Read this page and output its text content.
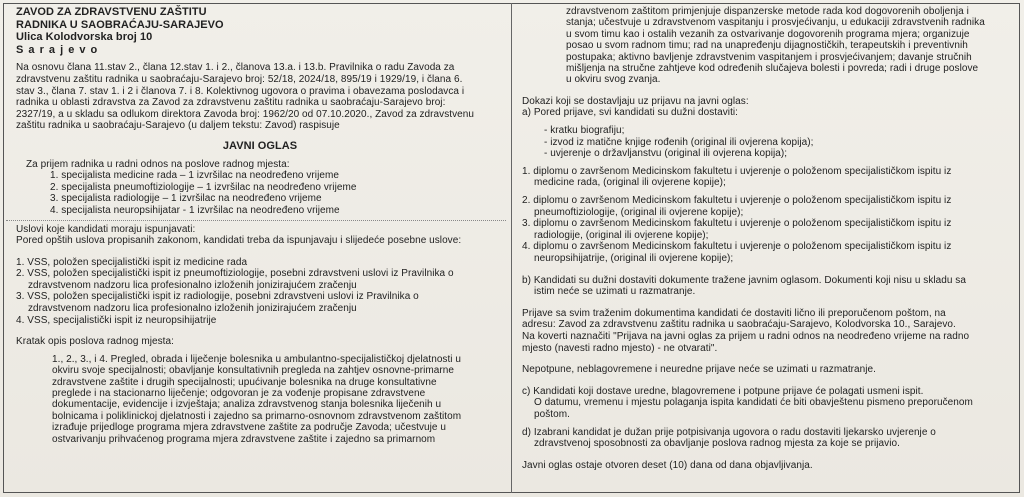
ZAVOD ZA ZDRAVSTVENU ZAŠTITU

RADNIKA U SAOBRAĆAJU-SARAJEVO

Ulica Kolodvorska broj 10

S a r a j e v o

Na osnovu člana 11.stav 2., člana 12.stav 1. i 2., članova 13.a. i 13.b. Pravilnika o radu Zavoda za

zdravstvenu zaštitu radnika u saobraćaju-Sarajevo broj: 52/18, 2024/18, 895/19 i 1929/19, i člana 6.

stav 3., člana 7. stav 1. i 2 i članova 7. i 8. Kolektivnog ugovora o pravima i obavezama poslodavca i

radnika u oblasti zdravstva za Zavod za zdravstvenu zaštitu radnika u saobraćaju-Sarajevo broj:

2327/19, a u skladu sa odlukom direktora Zavoda broj: 1962/20 od 07.10.2020., Zavod za zdravstvenu

zaštitu radnika u saobraćaju-Sarajevo (u daljem tekstu: Zavod) raspisuje

JAVNI OGLAS

Za prijem radnika u radni odnos na poslove radnog mjesta:

1. specijalista medicine rada – 1 izvršilac na neodređeno vrijeme

2. specijalista pneumoftiziologije – 1 izvršilac na neodređeno vrijeme

3. specijalista radiologije – 1 izvršilac na neodređeno vrijeme

4. specijalista neuropsihijatar - 1 izvršilac na neodređeno vrijeme

Uslovi koje kandidati moraju ispunjavati:

Pored opštih uslova propisanih zakonom, kandidati treba da ispunjavaju i slijedeće posebne uslove:

1. VSS, položen specijalistički ispit iz medicine rada

2. VSS, položen specijalistički ispit iz pneumoftiziologije, posebni zdravstveni uslovi iz Pravilnika o

zdravstvenom nadzoru lica profesionalno izloženih jonizirajućem zračenju

3. VSS, položen specijalistički ispit iz radiologije, posebni zdravstveni uslovi iz Pravilnika o

zdravstvenom nadzoru lica profesionalno izloženih jonizirajućem zračenju

4. VSS, specijalistički ispit iz neuropsihijatrije

Kratak opis poslova radnog mjesta:

1., 2., 3., i 4. Pregled, obrada i liječenje bolesnika u ambulantno-specijalističkoj djelatnosti u

okviru svoje specijalnosti; obavljanje konsultativnih pregleda na zahtjev osnovne-primarne

zdravstvene zaštite i drugih specijalnosti; upućivanje bolesnika na druge konsultativne

preglede i na stacionarno liječenje; odgovoran je za vođenje propisane zdravstvene

dokumentacije, evidencije i izvještaja; analiza zdravstvenog stanja bolesnika liječenih u

bolnicama i poliklinickoj djelatnosti i zajedno sa primarno-osnovnom zdravstvenom zaštitom

izrađuje prijedloge programa mjera zdravstvene zaštite za područje Zavoda; učestvuje u

ostvarivanju prihvaćenog programa mjera zdravstvene zaštite i zajedno sa primarnom

zdravstvenom zaštitom primjenjuje dispanzerske metode rada kod dogovorenih oboljenja i

stanja; učestvuje u zdravstvenom vaspitanju i prosvjećivanju, u edukaciji zdravstvenih radnika

u svom timu kao i ostalih vezanih za ostvarivanje dogovorenih programa mjera; organizuje

posao u svom radnom timu; rad na unapređenju dijagnostičkih, terapeutskih i preventivnih

postupaka; aktivno bavljenje zdravstvenim vaspitanjem i prosvjećivanjem; davanje stručnih

mišljenja na stručne zahtjeve kod određenih slučajeva bolesti i povreda; radi i druge poslove

u okviru svog zvanja.

Dokazi koji se dostavljaju uz prijavu na javni oglas:

a) Pored prijave, svi kandidati su dužni dostaviti:

- kratku biografiju;

- izvod iz matične knjige rođenih (original ili ovjerena kopija);

- uvjerenje o državljanstvu (original ili ovjerena kopija);

1. diplomu o završenom Medicinskom fakultetu i uvjerenje o položenom specijalističkom ispitu iz

medicine rada, (original ili ovjerene kopije);

2. diplomu o završenom Medicinskom fakultetu i uvjerenje o položenom specijalističkom ispitu iz

pneumoftiziologije, (original ili ovjerene kopije);

3. diplomu o završenom Medicinskom fakultetu i uvjerenje o položenom specijalističkom ispitu iz

radiologije, (original ili ovjerene kopije);

4. diplomu o završenom Medicinskom fakultetu i uvjerenje o položenom specijalističkom ispitu iz

neuropsihijatrije, (original ili ovjerene kopije);

b) Kandidati su dužni dostaviti dokumente tražene javnim oglasom. Dokumenti koji nisu u skladu sa

istim neće se uzimati u razmatranje.

Prijave sa svim traženim dokumentima kandidati će dostaviti lično ili preporučenom poštom, na

adresu: Zavod za zdravstvenu zaštitu radnika u saobraćaju-Sarajevo, Kolodvorska 10., Sarajevo.

Na koverti naznačiti "Prijava na javni oglas za prijem u radni odnos na neodređeno vrijeme na radno

mjesto (navesti radno mjesto) - ne otvarati".

Nepotpune, neblagovremene i neuredne prijave neće se uzimati u razmatranje.

c) Kandidati koji dostave uredne, blagovremene i potpune prijave će polagati usmeni ispit.

O datumu, vremenu i mjestu polaganja ispita kandidati će biti obavještenu pismeno preporučenom

poštom.

d) Izabrani kandidat je dužan prije potpisivanja ugovora o radu dostaviti ljekarsko uvjerenje o

zdravstvenoj sposobnosti za obavljanje poslova radnog mjesta za koje se prijavio.

Javni oglas ostaje otvoren deset (10) dana od dana objavljivanja.
